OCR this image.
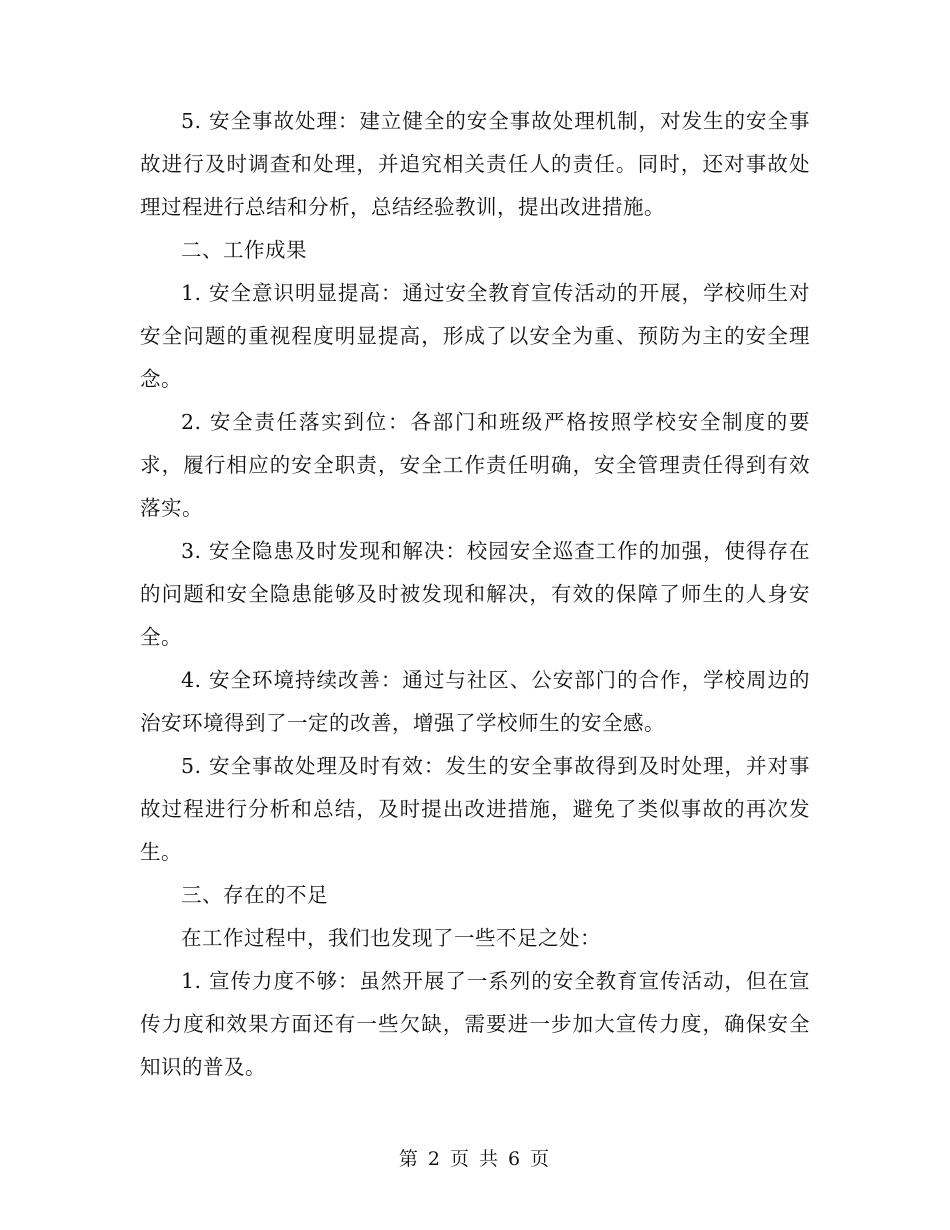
5. 安全事故处理：建立健全的安全事故处理机制，对发生的安全事故进行及时调查和处理，并追究相关责任人的责任。同时，还对事故处理过程进行总结和分析，总结经验教训，提出改进措施。

二、工作成果

1. 安全意识明显提高：通过安全教育宣传活动的开展，学校师生对安全问题的重视程度明显提高，形成了以安全为重、预防为主的安全理念。

2. 安全责任落实到位：各部门和班级严格按照学校安全制度的要求，履行相应的安全职责，安全工作责任明确，安全管理责任得到有效落实。

3. 安全隐患及时发现和解决：校园安全巡查工作的加强，使得存在的问题和安全隐患能够及时被发现和解决，有效的保障了师生的人身安全。

4. 安全环境持续改善：通过与社区、公安部门的合作，学校周边的治安环境得到了一定的改善，增强了学校师生的安全感。

5. 安全事故处理及时有效：发生的安全事故得到及时处理，并对事故过程进行分析和总结，及时提出改进措施，避免了类似事故的再次发生。

三、存在的不足

在工作过程中，我们也发现了一些不足之处：

1. 宣传力度不够：虽然开展了一系列的安全教育宣传活动，但在宣传力度和效果方面还有一些欠缺，需要进一步加大宣传力度，确保安全知识的普及。

第 2 页 共 6 页
